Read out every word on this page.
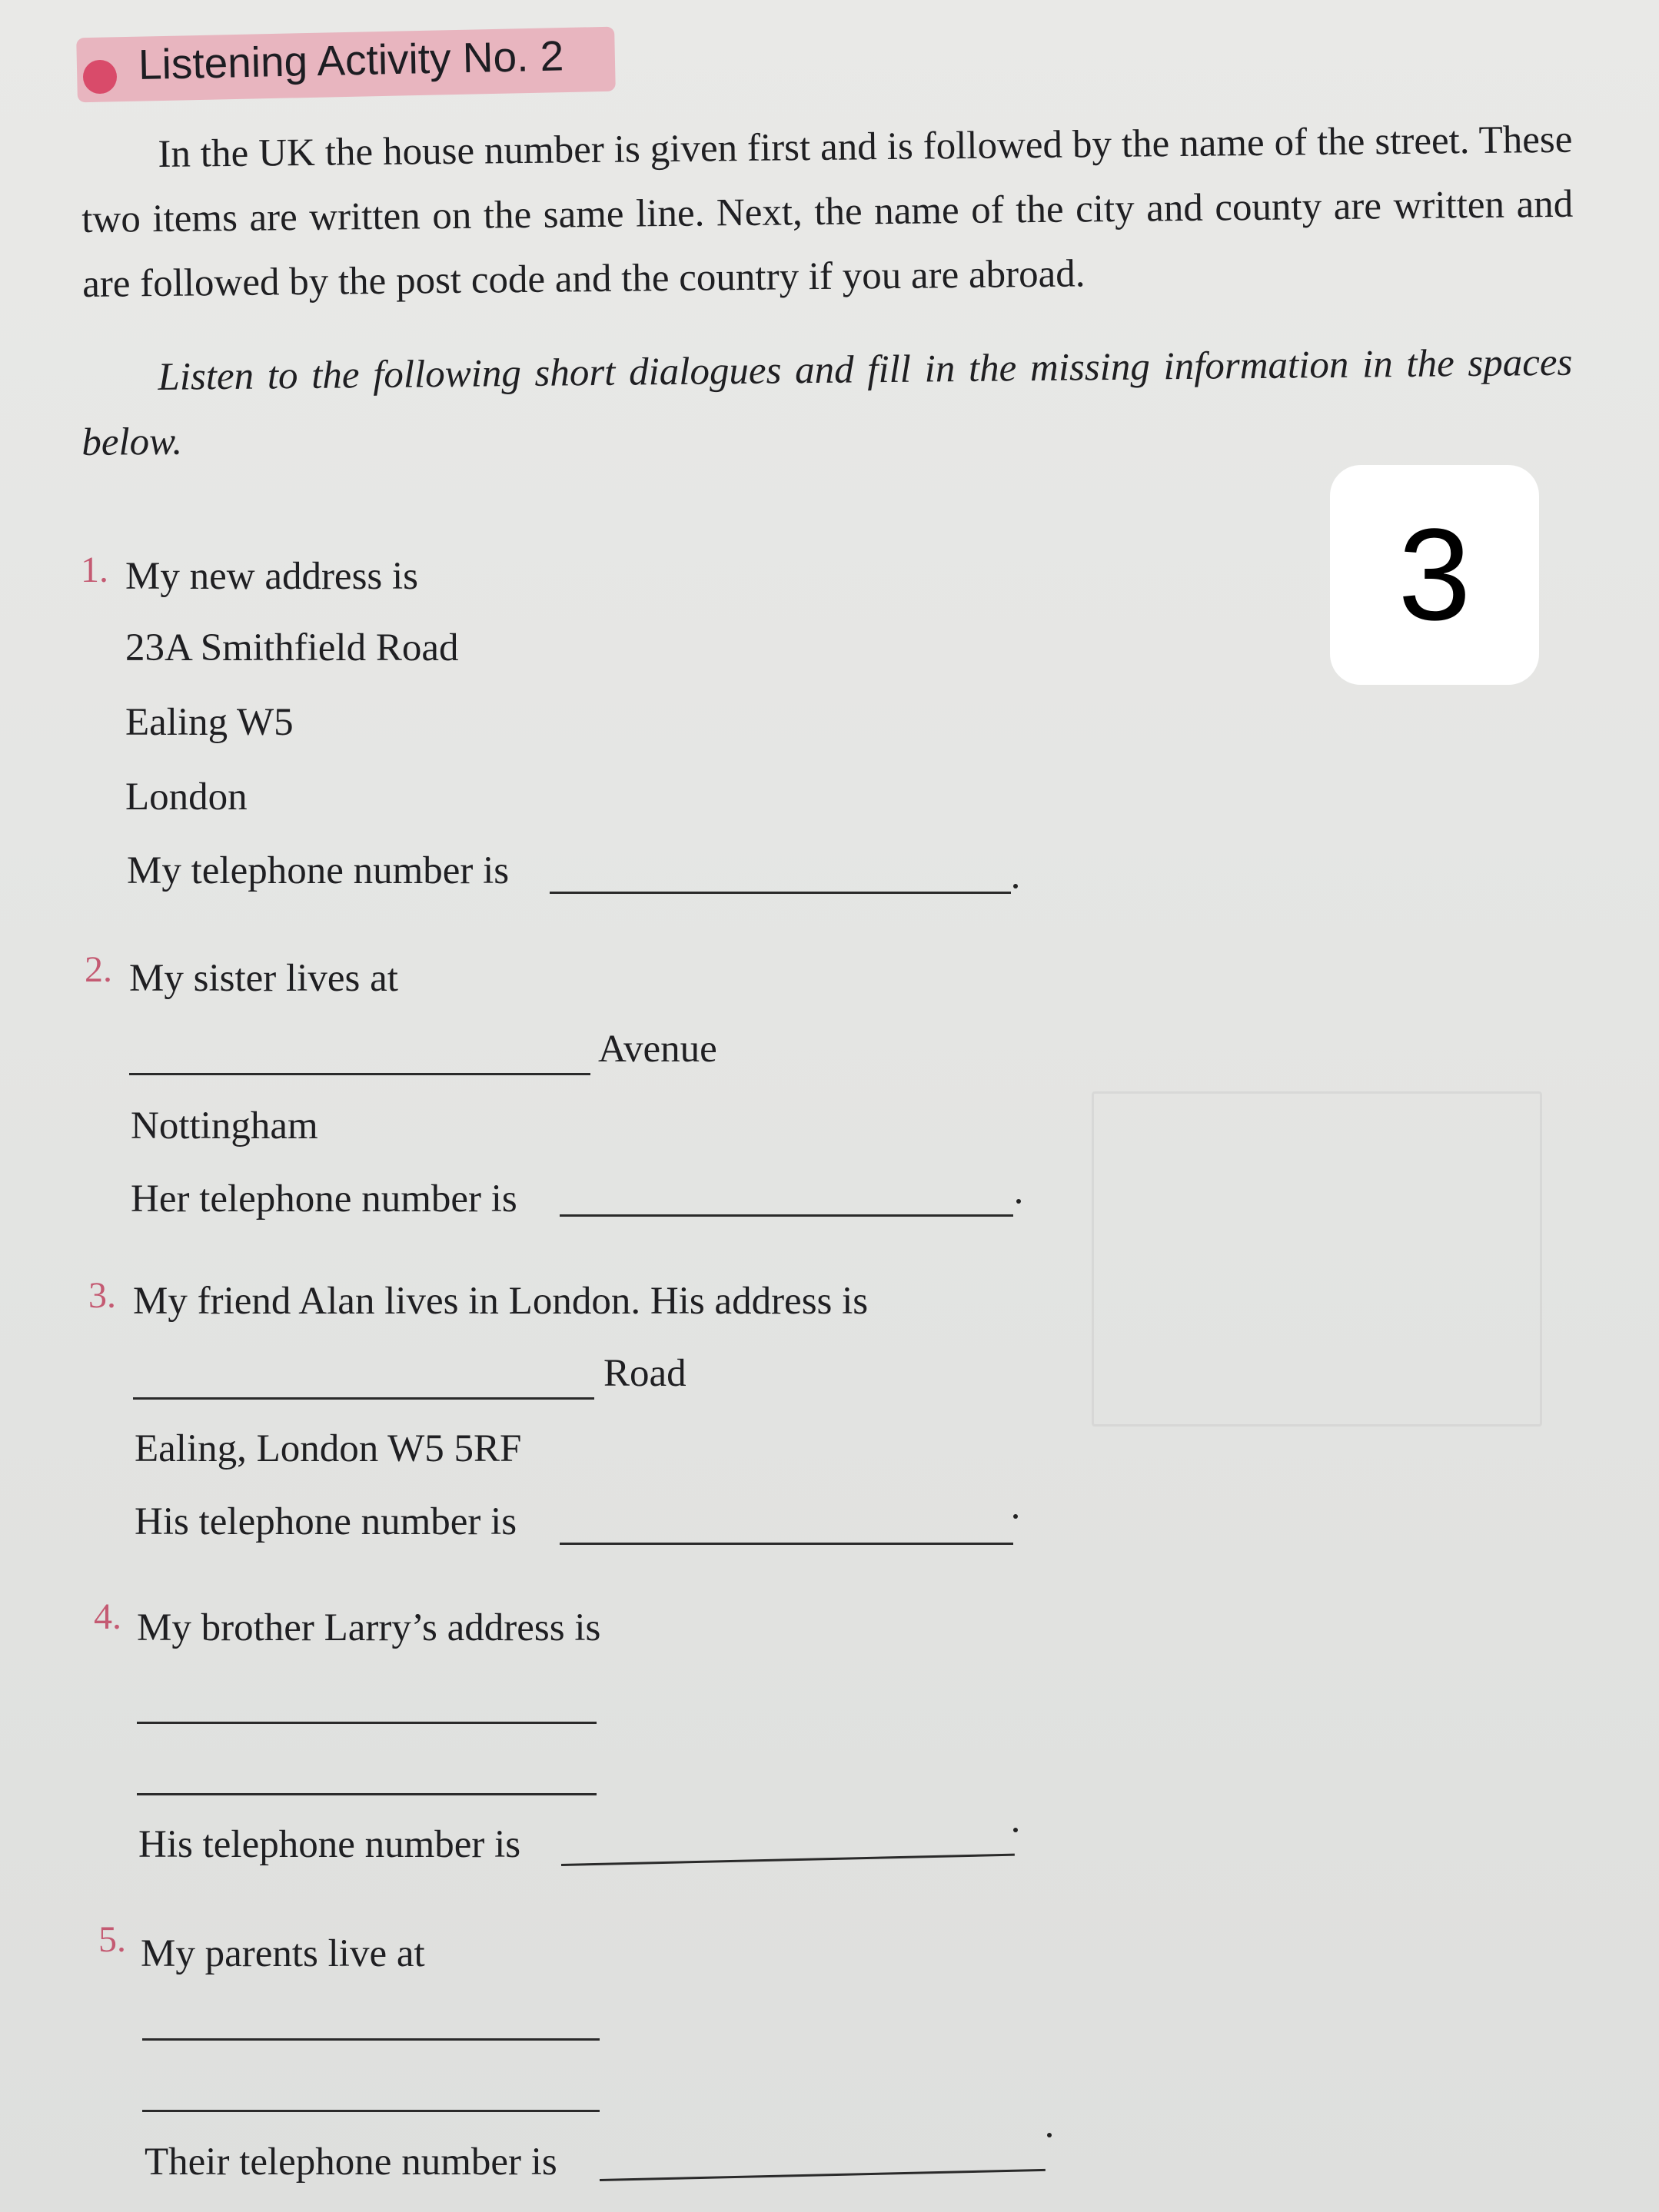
Listening Activity No. 2
In the UK the house number is given first and is followed by the name of the street. These two items are written on the same line. Next, the name of the city and county are written and are followed by the post code and the country if you are abroad.
Listen to the following short dialogues and fill in the missing information in the spaces below.
3
1. My new address is
23A Smithfield Road
Ealing W5
London
My telephone number is
2. My sister lives at
Avenue
Nottingham
Her telephone number is
3. My friend Alan lives in London. His address is
Road
Ealing, London W5 5RF
His telephone number is
4. My brother Larry’s address is
His telephone number is
5. My parents live at
Their telephone number is
